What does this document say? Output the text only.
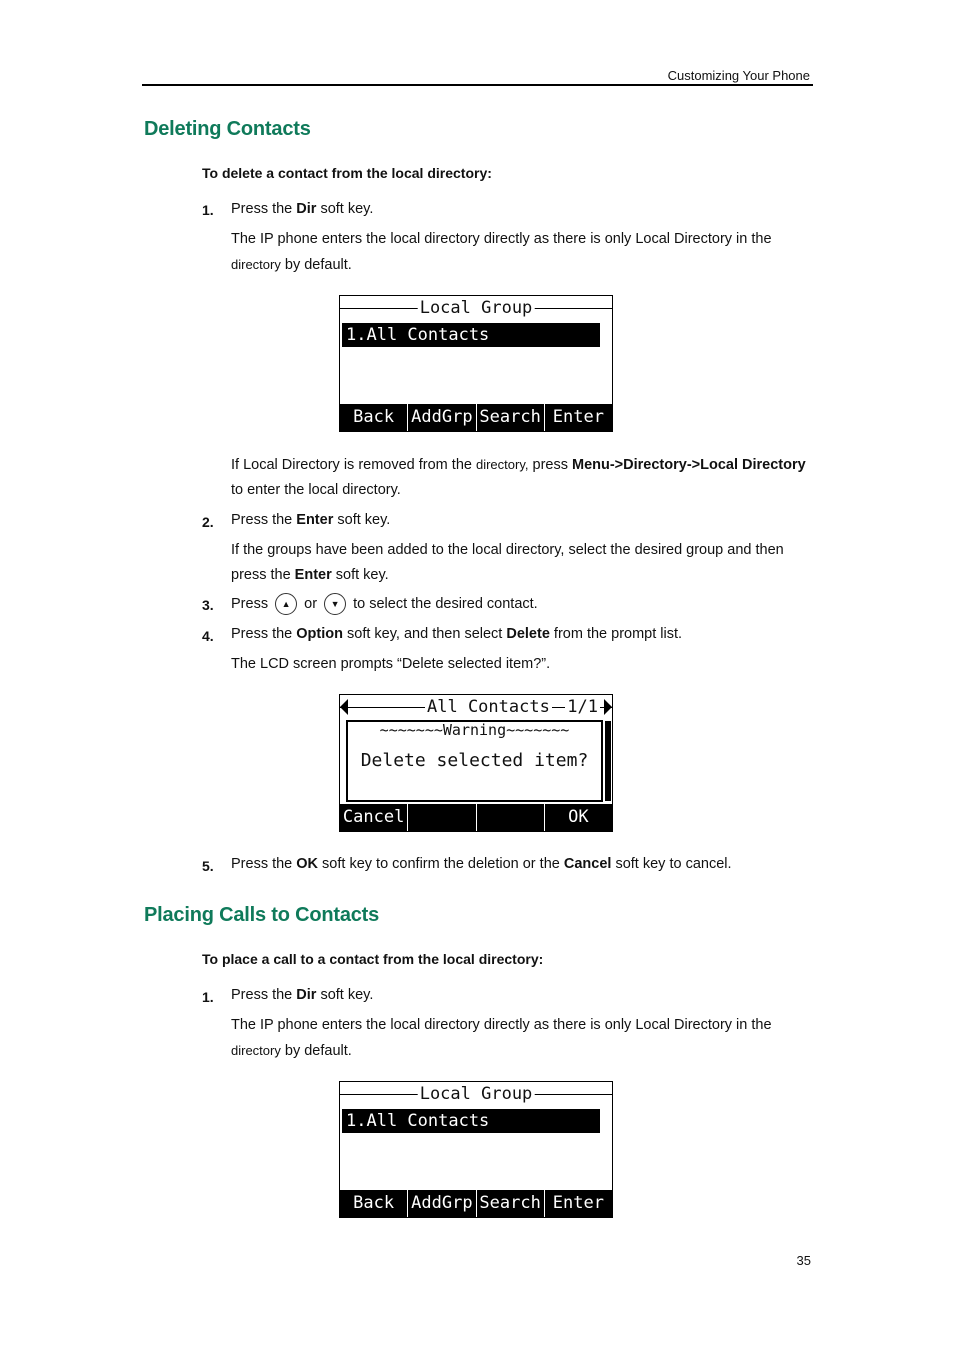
Customizing Your Phone
Deleting Contacts
To delete a contact from the local directory:
1. Press the Dir soft key.
The IP phone enters the local directory directly as there is only Local Directory in the
directory by default.
Local Group
1.All Contacts
Back	AddGrp Search Enter
If Local Directory is removed from the directory, press Menu->Directory->Local Directory to enter the local directory.
2. Press the Enter soft key.
If the groups have been added to the local directory, select the desired group and then press the Enter soft key.
3. Press ▲ or ▼ to select the desired contact.
4. Press the Option soft key, and then select Delete from the prompt list.
The LCD screen prompts “Delete selected item?”.
All Contacts 1/1
~~~~~~~Warning~~~~~~~
Delete selected item?
Cancel	OK
5. Press the OK soft key to confirm the deletion or the Cancel soft key to cancel.
Placing Calls to Contacts
To place a call to a contact from the local directory:
1. Press the Dir soft key.
The IP phone enters the local directory directly as there is only Local Directory in the
directory by default.
Local Group
1.All Contacts
Back	AddGrp Search Enter
35
